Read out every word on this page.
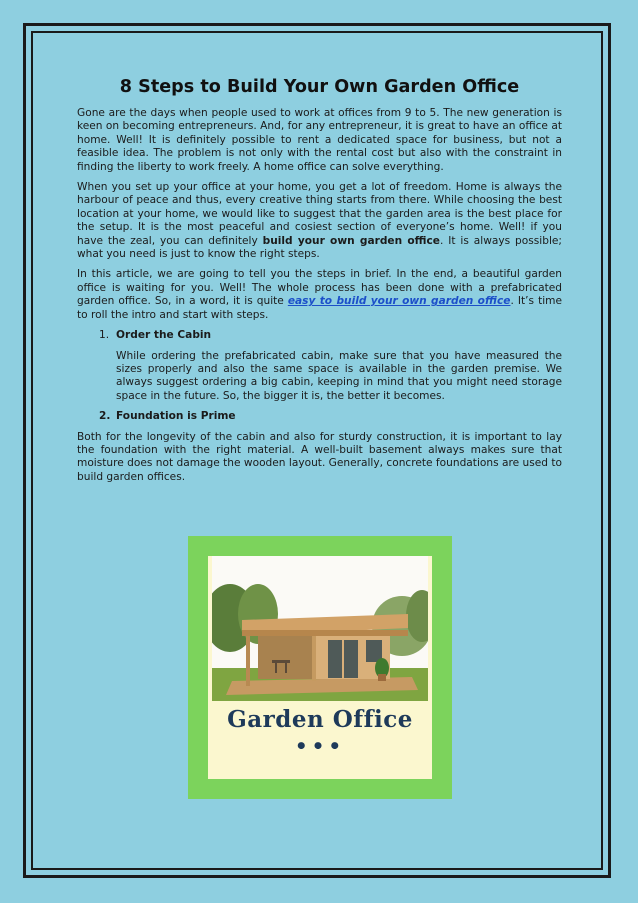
8 Steps to Build Your Own Garden Office

Gone are the days when people used to work at offices from 9 to 5. The new generation is keen on becoming entrepreneurs. And, for any entrepreneur, it is great to have an office at home. Well! It is definitely possible to rent a dedicated space for business, but not a feasible idea. The problem is not only with the rental cost but also with the constraint in finding the liberty to work freely. A home office can solve everything.

When you set up your office at your home, you get a lot of freedom. Home is always the harbour of peace and thus, every creative thing starts from there. While choosing the best location at your home, we would like to suggest that the garden area is the best place for the setup. It is the most peaceful and cosiest section of everyone’s home. Well! if you have the zeal, you can definitely build your own garden office. It is always possible; what you need is just to know the right steps.

In this article, we are going to tell you the steps in brief. In the end, a beautiful garden office is waiting for you. Well! The whole process has been done with a prefabricated garden office. So, in a word, it is quite easy to build your own garden office. It’s time to roll the intro and start with steps.

1. Order the Cabin
While ordering the prefabricated cabin, make sure that you have measured the sizes properly and also the same space is available in the garden premise. We always suggest ordering a big cabin, keeping in mind that you might need storage space in the future. So, the bigger it is, the better it becomes.
2. Foundation is Prime

Both for the longevity of the cabin and also for sturdy construction, it is important to lay the foundation with the right material. A well-built basement always makes sure that moisture does not damage the wooden layout. Generally, concrete foundations are used to build garden offices.

Garden Office
•••
